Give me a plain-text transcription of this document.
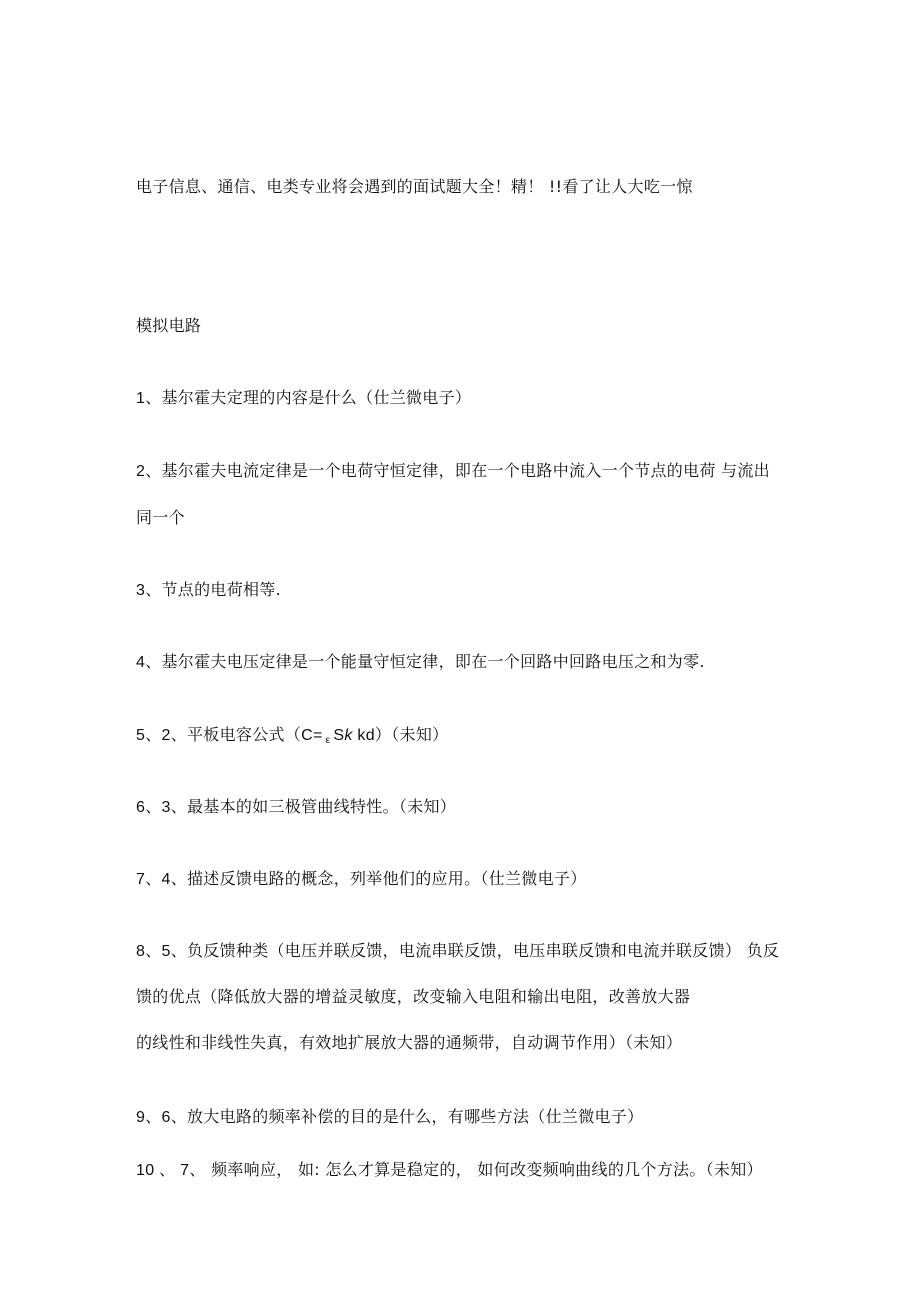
电子信息、通信、电类专业将会遇到的面试题大全！精！ !!看了让人大吃一惊
模拟电路
1、基尔霍夫定理的内容是什么（仕兰微电子）
2、基尔霍夫电流定律是一个电荷守恒定律，即在一个电路中流入一个节点的电荷 与流出
同一个
3、节点的电荷相等.
4、基尔霍夫电压定律是一个能量守恒定律，即在一个回路中回路电压之和为零.
5、2、平板电容公式（C= ε Sk kd）（未知）
6、3、最基本的如三极管曲线特性。（未知）
7、4、描述反馈电路的概念，列举他们的应用。（仕兰微电子）
8、5、负反馈种类（电压并联反馈，电流串联反馈，电压串联反馈和电流并联反馈） 负反
馈的优点（降低放大器的增益灵敏度，改变输入电阻和输出电阻，改善放大器
的线性和非线性失真，有效地扩展放大器的通频带，自动调节作用）（未知）
9、6、放大电路的频率补偿的目的是什么，有哪些方法（仕兰微电子）
10 、 7、 频率响应， 如: 怎么才算是稳定的， 如何改变频响曲线的几个方法。（未知）
